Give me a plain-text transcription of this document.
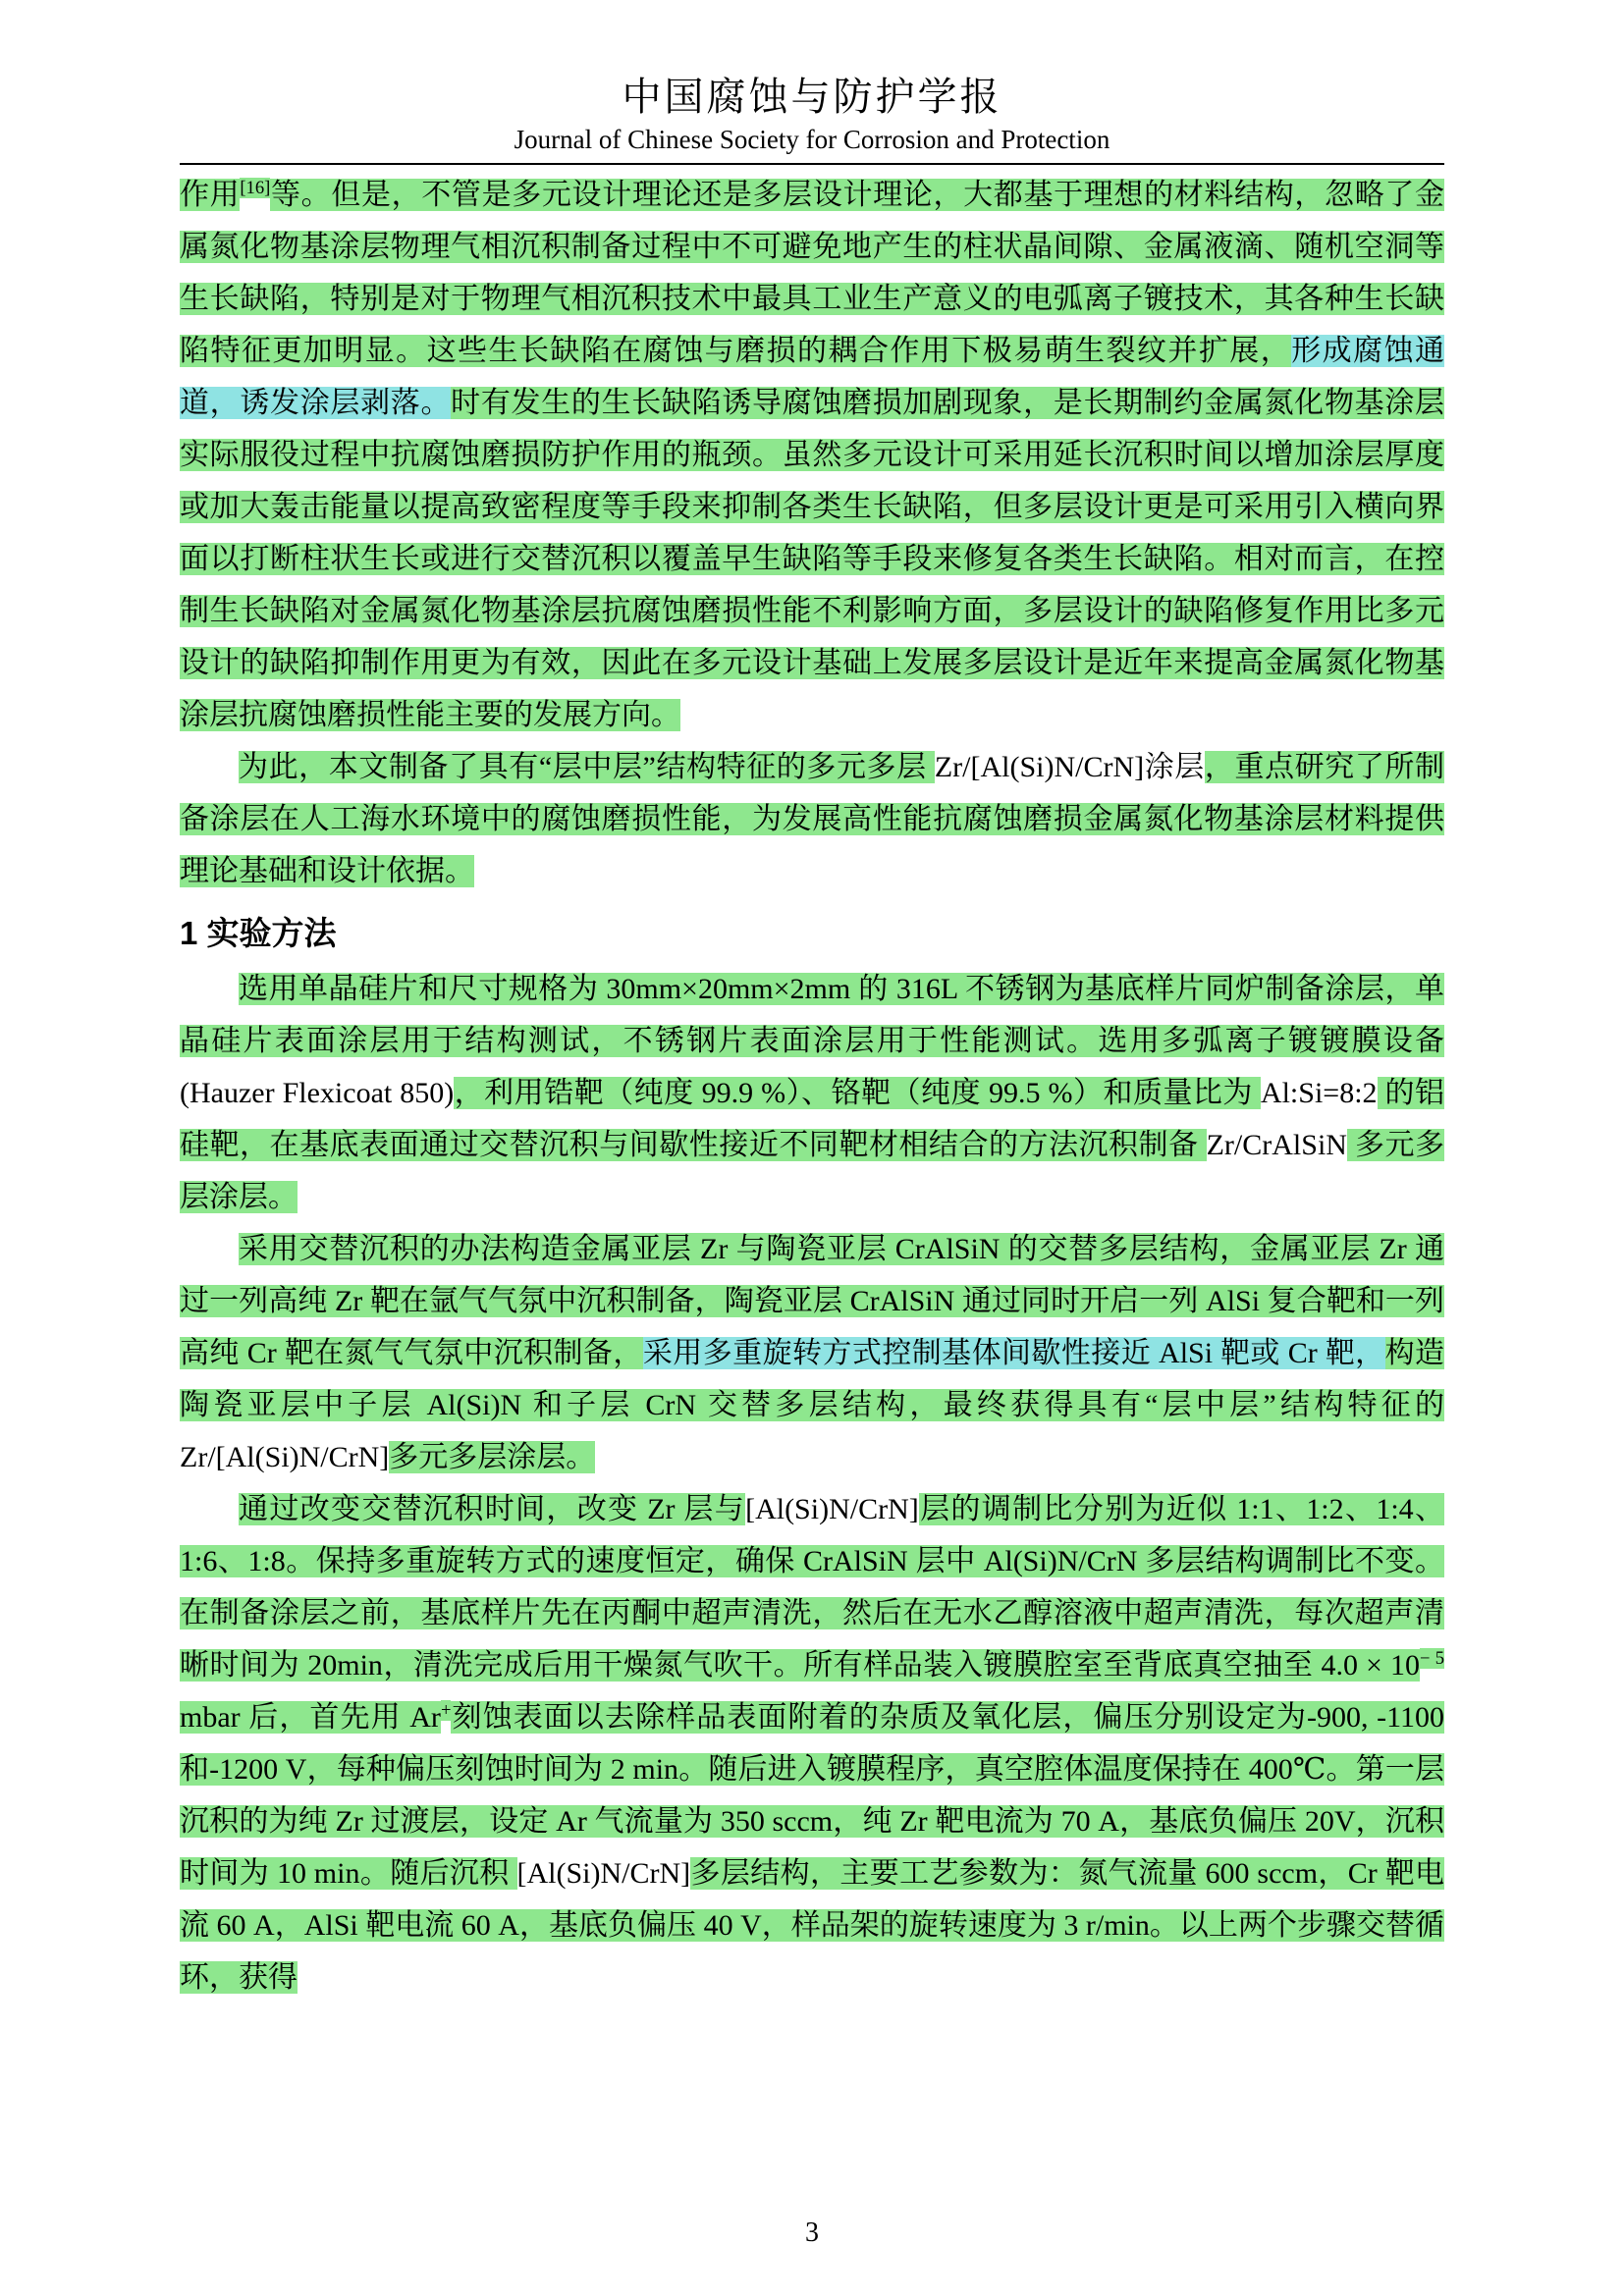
中国腐蚀与防护学报
Journal of Chinese Society for Corrosion and Protection

作用[16]等。但是，不管是多元设计理论还是多层设计理论，大都基于理想的材料结构，忽略了金属氮化物基涂层物理气相沉积制备过程中不可避免地产生的柱状晶间隙、金属液滴、随机空洞等生长缺陷，特别是对于物理气相沉积技术中最具工业生产意义的电弧离子镀技术，其各种生长缺陷特征更加明显。这些生长缺陷在腐蚀与磨损的耦合作用下极易萌生裂纹并扩展，形成腐蚀通道，诱发涂层剥落。时有发生的生长缺陷诱导腐蚀磨损加剧现象，是长期制约金属氮化物基涂层实际服役过程中抗腐蚀磨损防护作用的瓶颈。虽然多元设计可采用延长沉积时间以增加涂层厚度或加大轰击能量以提高致密程度等手段来抑制各类生长缺陷，但多层设计更是可采用引入横向界面以打断柱状生长或进行交替沉积以覆盖早生缺陷等手段来修复各类生长缺陷。相对而言，在控制生长缺陷对金属氮化物基涂层抗腐蚀磨损性能不利影响方面，多层设计的缺陷修复作用比多元设计的缺陷抑制作用更为有效，因此在多元设计基础上发展多层设计是近年来提高金属氮化物基涂层抗腐蚀磨损性能主要的发展方向。

为此，本文制备了具有“层中层”结构特征的多元多层 Zr/[Al(Si)N/CrN]涂层，重点研究了所制备涂层在人工海水环境中的腐蚀磨损性能，为发展高性能抗腐蚀磨损金属氮化物基涂层材料提供理论基础和设计依据。

1 实验方法

选用单晶硅片和尺寸规格为 30mm×20mm×2mm 的 316L 不锈钢为基底样片同炉制备涂层，单晶硅片表面涂层用于结构测试，不锈钢片表面涂层用于性能测试。选用多弧离子镀镀膜设备(Hauzer Flexicoat 850)，利用锆靶（纯度 99.9 %）、铬靶（纯度 99.5 %）和质量比为 Al:Si=8:2 的铝硅靶，在基底表面通过交替沉积与间歇性接近不同靶材相结合的方法沉积制备 Zr/CrAlSiN 多元多层涂层。

采用交替沉积的办法构造金属亚层 Zr 与陶瓷亚层 CrAlSiN 的交替多层结构，金属亚层 Zr 通过一列高纯 Zr 靶在氩气气氛中沉积制备，陶瓷亚层 CrAlSiN 通过同时开启一列 AlSi 复合靶和一列高纯 Cr 靶在氮气气氛中沉积制备，采用多重旋转方式控制基体间歇性接近 AlSi 靶或 Cr 靶，构造陶瓷亚层中子层 Al(Si)N 和子层 CrN 交替多层结构，最终获得具有“层中层”结构特征的 Zr/[Al(Si)N/CrN]多元多层涂层。

通过改变交替沉积时间，改变 Zr 层与[Al(Si)N/CrN]层的调制比分别为近似 1:1、1:2、1:4、1:6、1:8。保持多重旋转方式的速度恒定，确保 CrAlSiN 层中 Al(Si)N/CrN 多层结构调制比不变。在制备涂层之前，基底样片先在丙酮中超声清洗，然后在无水乙醇溶液中超声清洗，每次超声清晰时间为 20min，清洗完成后用干燥氮气吹干。所有样品装入镀膜腔室至背底真空抽至 $4.0 \times 10^{- 5}$ mbar 后，首先用 Ar+刻蚀表面以去除样品表面附着的杂质及氧化层，偏压分别设定为-900, -1100 和-1200 V，每种偏压刻蚀时间为 2 min。随后进入镀膜程序，真空腔体温度保持在 400℃。第一层沉积的为纯 Zr 过渡层，设定 Ar 气流量为 350 sccm，纯 Zr 靶电流为 70 A，基底负偏压 20V，沉积时间为 10 min。随后沉积 [Al(Si)N/CrN]多层结构，主要工艺参数为：氮气流量 600 sccm，Cr 靶电流 60 A，AlSi 靶电流 60 A，基底负偏压 40 V，样品架的旋转速度为 3 r/min。以上两个步骤交替循环，获得

3
